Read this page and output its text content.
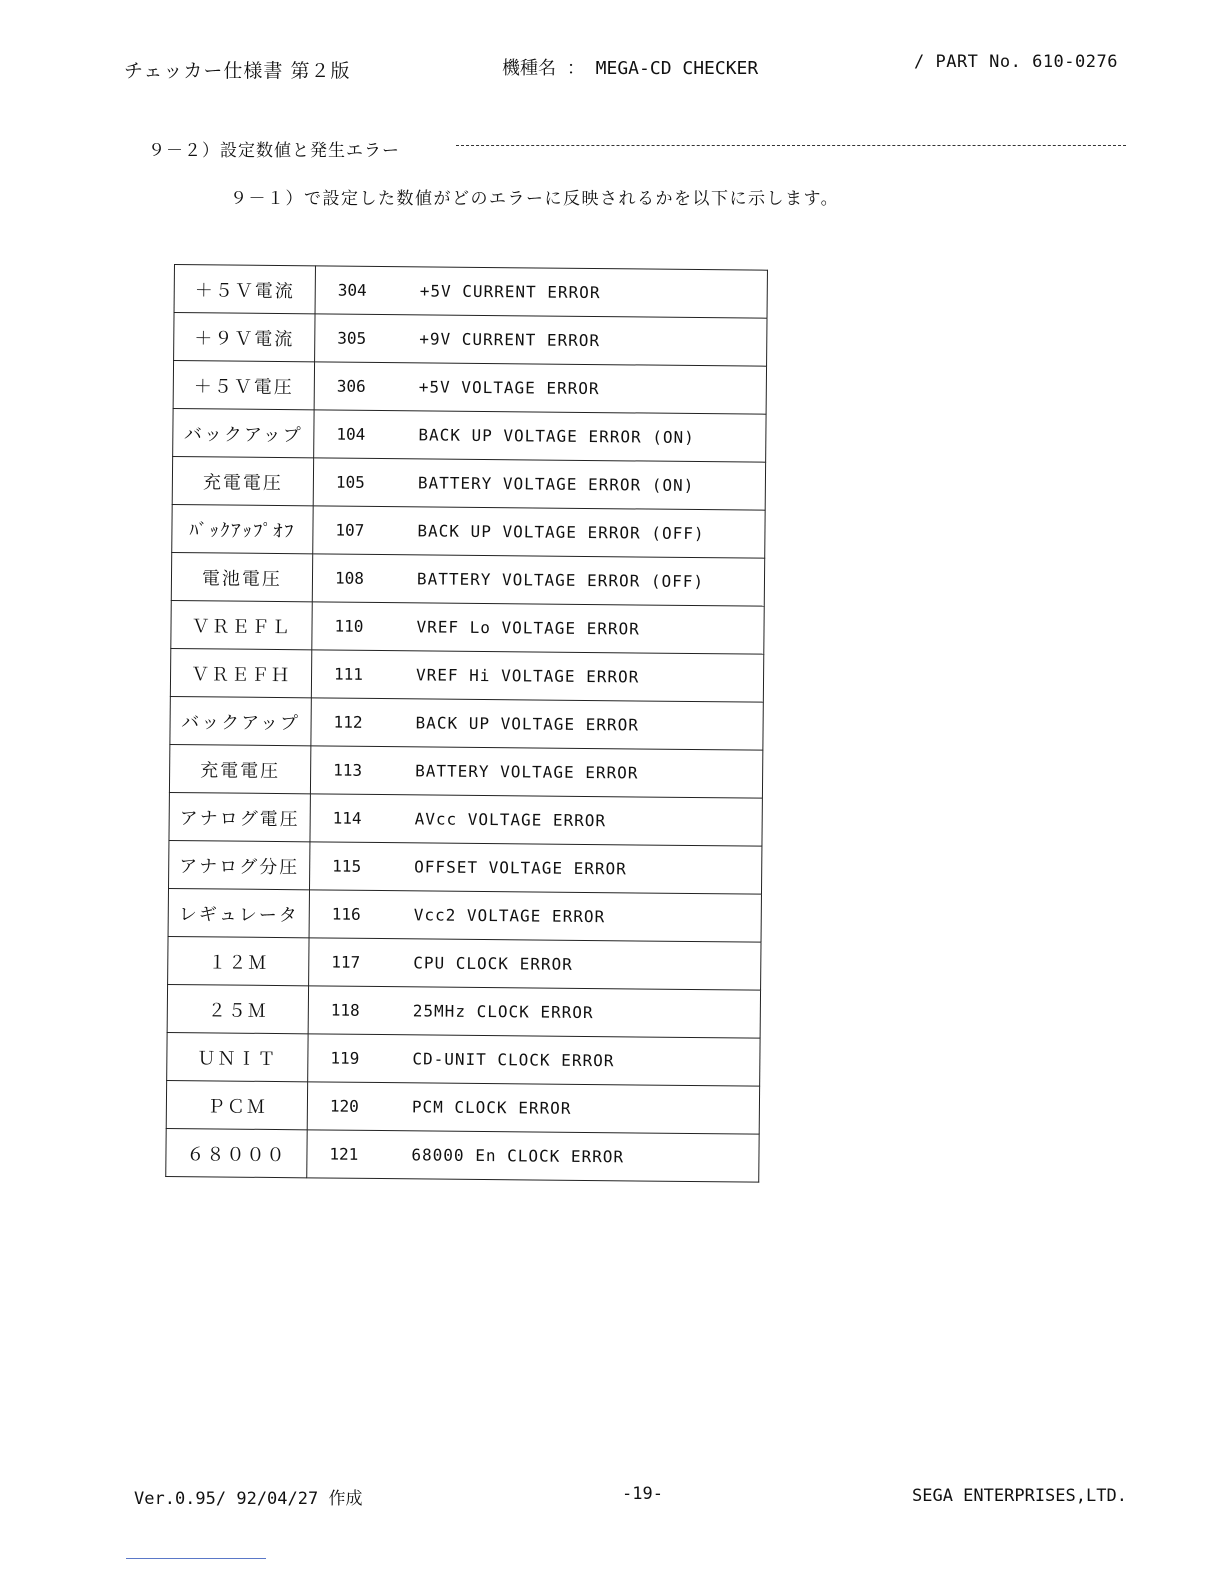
チェッカー仕様書 第２版	機種名 ： MEGA-CD CHECKER	/ PART No. 610-0276
９－２）設定数値と発生エラー
９－１）で設定した数値がどのエラーに反映されるかを以下に示します。
＋５Ｖ電流	304 +5V CURRENT ERROR
＋９Ｖ電流	305 +9V CURRENT ERROR
＋５Ｖ電圧	306 +5V VOLTAGE ERROR
バックアップ	104 BACK UP VOLTAGE ERROR (ON)
充電電圧	105 BATTERY VOLTAGE ERROR (ON)
ﾊﾞｯｸｱｯﾌﾟｵﾌ	107 BACK UP VOLTAGE ERROR (OFF)
電池電圧	108 BATTERY VOLTAGE ERROR (OFF)
ＶＲＥＦＬ	110 VREF Lo VOLTAGE ERROR
ＶＲＥＦＨ	111 VREF Hi VOLTAGE ERROR
バックアップ	112 BACK UP VOLTAGE ERROR
充電電圧	113 BATTERY VOLTAGE ERROR
アナログ電圧	114 AVcc VOLTAGE ERROR
アナログ分圧	115 OFFSET VOLTAGE ERROR
レギュレータ	116 Vcc2 VOLTAGE ERROR
１２Ｍ	117 CPU CLOCK ERROR
２５Ｍ	118 25MHz CLOCK ERROR
ＵＮＩＴ	119 CD-UNIT CLOCK ERROR
ＰＣＭ	120 PCM CLOCK ERROR
６８０００	121 68000 En CLOCK ERROR
Ver.0.95/ 92/04/27 作成	-19-	SEGA ENTERPRISES,LTD.
